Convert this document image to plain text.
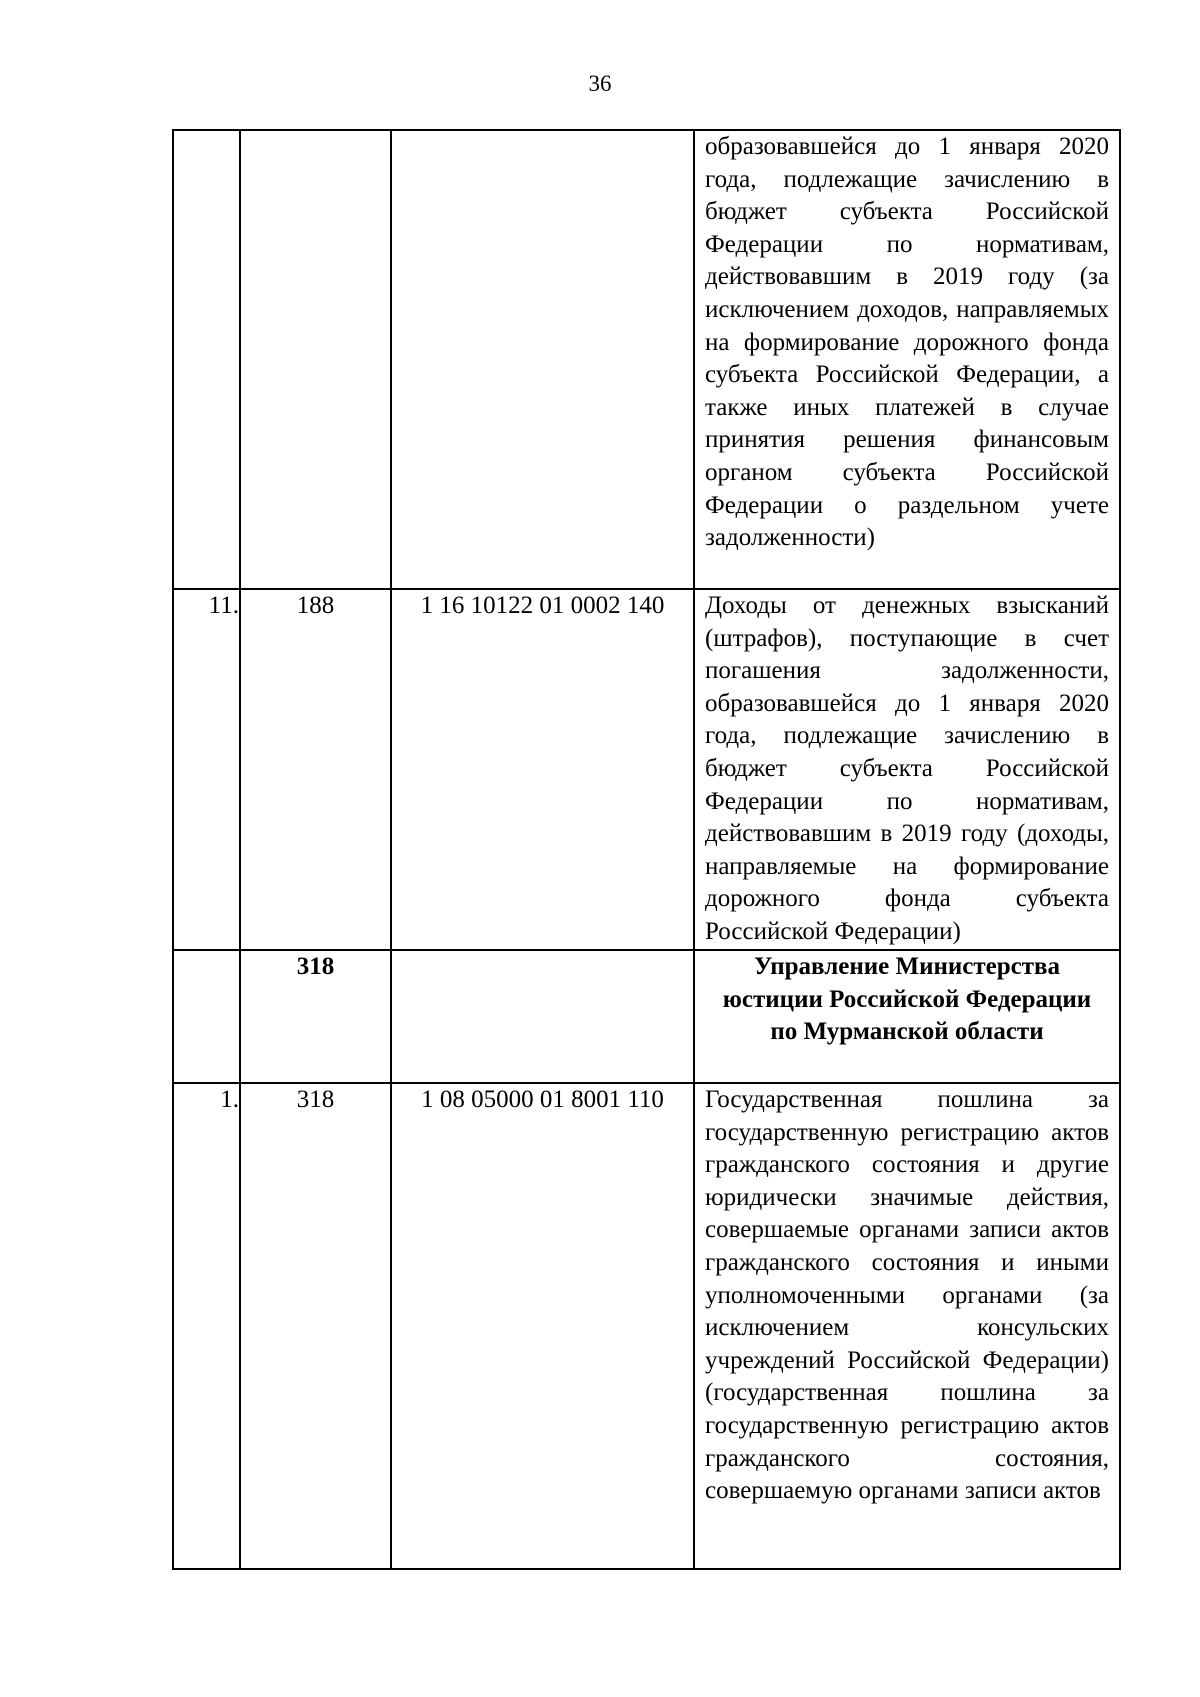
36

			образовавшейся до 1 января 2020 года, подлежащие зачислению в бюджет субъекта Российской Федерации по нормативам, действовавшим в 2019 году (за исключением доходов, направляемых на формирование дорожного фонда субъекта Российской Федерации, а также иных платежей в случае принятия решения финансовым органом субъекта Российской Федерации о раздельном учете задолженности)

11.	188	1 16 10122 01 0002 140	Доходы от денежных взысканий (штрафов), поступающие в счет погашения задолженности, образовавшейся до 1 января 2020 года, подлежащие зачислению в бюджет субъекта Российской Федерации по нормативам, действовавшим в 2019 году (доходы, направляемые на формирование дорожного фонда субъекта Российской Федерации)

	318		Управление Министерства юстиции Российской Федерации по Мурманской области

1.	318	1 08 05000 01 8001 110	Государственная пошлина за государственную регистрацию актов гражданского состояния и другие юридически значимые действия, совершаемые органами записи актов гражданского состояния и иными уполномоченными органами (за исключением консульских учреждений Российской Федерации) (государственная пошлина за государственную регистрацию актов гражданского состояния, совершаемую органами записи актов
